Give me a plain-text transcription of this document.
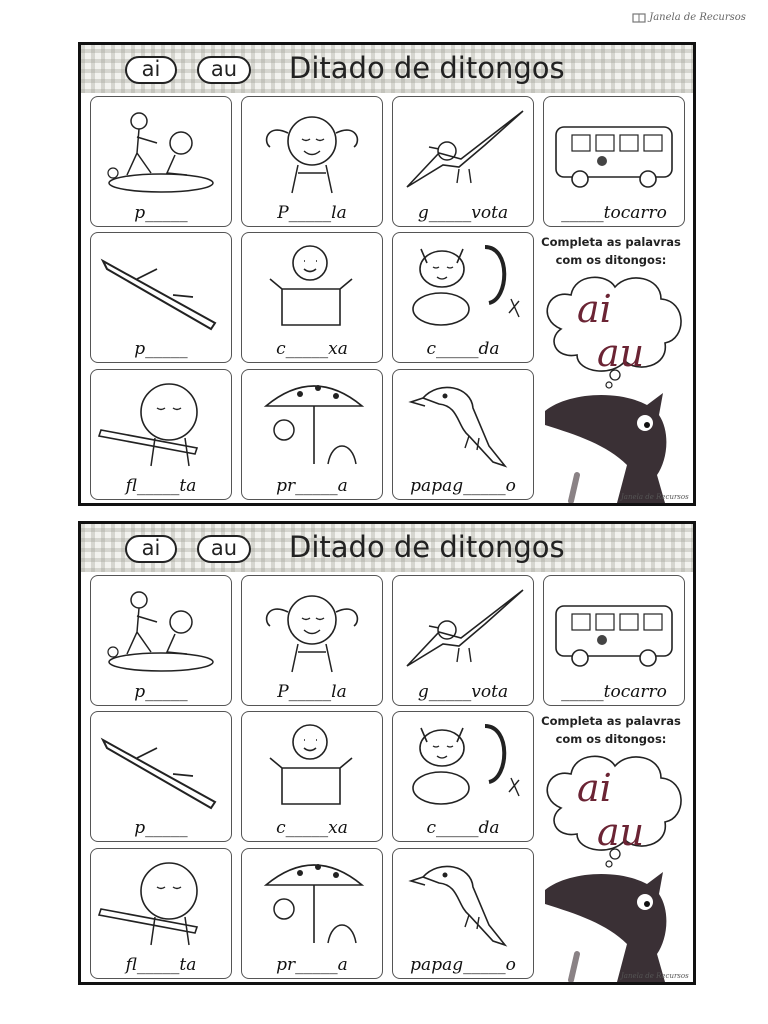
Janela de Recursos
ai	au	Ditado de ditongos
p_____	P_____la	g_____vota	_____tocarro
p_____	c_____xa	c_____da
fl_____ta	pr_____a	papag_____o
Completa as palavras
com os ditongos:
ai
au
Janela de Recursos
ai	au	Ditado de ditongos
p_____	P_____la	g_____vota	_____tocarro
p_____	c_____xa	c_____da
fl_____ta	pr_____a	papag_____o
Completa as palavras
com os ditongos:
ai
au
Janela de Recursos
